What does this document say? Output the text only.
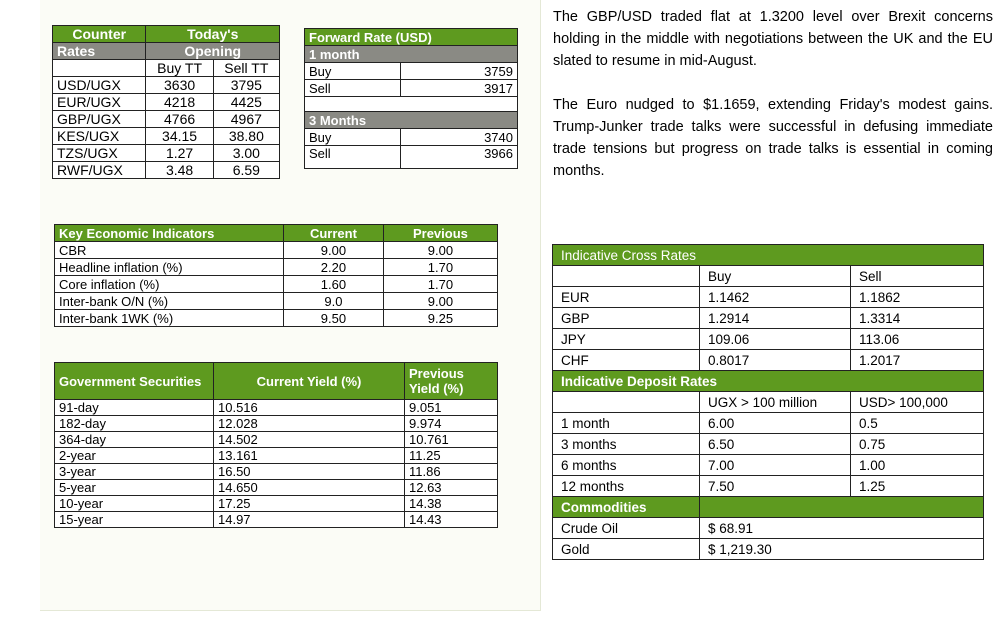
Counter	Today's	
Rates	Opening	
	Buy TT	Sell TT
USD/UGX	3630	3795
EUR/UGX	4218	4425
GBP/UGX	4766	4967
KES/UGX	34.15	38.80
TZS/UGX	1.27	3.00
RWF/UGX	3.48	6.59
Forward Rate (USD)	
1 month	
Buy	3759
Sell	3917

3 Months	
Buy	3740
Sell	3966
Key Economic Indicators	Current	Previous
CBR	9.00	9.00
Headline inflation (%)	2.20	1.70
Core inflation (%)	1.60	1.70
Inter-bank O/N (%)	9.0	9.00
Inter-bank 1WK (%)	9.50	9.25
Government Securities	Current Yield (%)	Previous Yield (%)
91-day	10.516	9.051
182-day	12.028	9.974
364-day	14.502	10.761
2-year	13.161	11.25
3-year	16.50	11.86
5-year	14.650	12.63
10-year	17.25	14.38
15-year	14.97	14.43

The GBP/USD traded flat at 1.3200 level over Brexit concerns holding in the middle with negotiations between the UK and the EU slated to resume in mid-August.

The Euro nudged to $1.1659, extending Friday's modest gains. Trump-Junker trade talks were successful in defusing immediate trade tensions but progress on trade talks is essential in coming months.

Indicative Cross Rates		
	Buy	Sell
EUR	1.1462	1.1862
GBP	1.2914	1.3314
JPY	109.06	113.06
CHF	0.8017	1.2017
Indicative Deposit Rates		
	UGX > 100 million	USD> 100,000
1 month	6.00	0.5
3 months	6.50	0.75
6 months	7.00	1.00
12 months	7.50	1.25
Commodities		
Crude Oil	$ 68.91	
Gold	$ 1,219.30	
